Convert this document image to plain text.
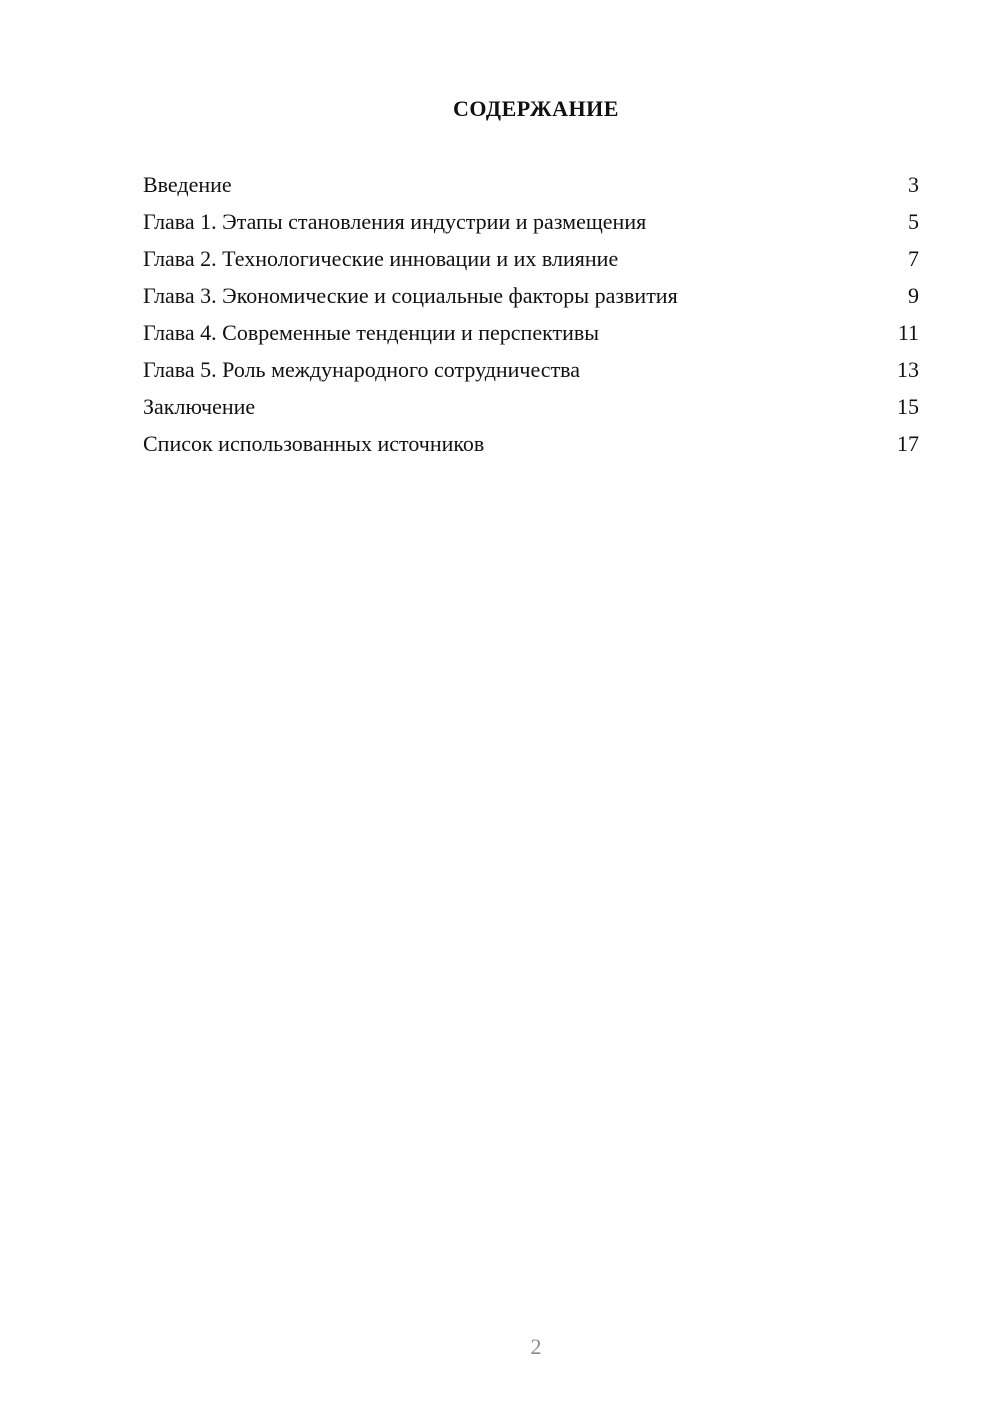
СОДЕРЖАНИЕ
Введение	3
Глава 1. Этапы становления индустрии и размещения	5
Глава 2. Технологические инновации и их влияние	7
Глава 3. Экономические и социальные факторы развития	9
Глава 4. Современные тенденции и перспективы	11
Глава 5. Роль международного сотрудничества	13
Заключение	15
Список использованных источников	17
2
